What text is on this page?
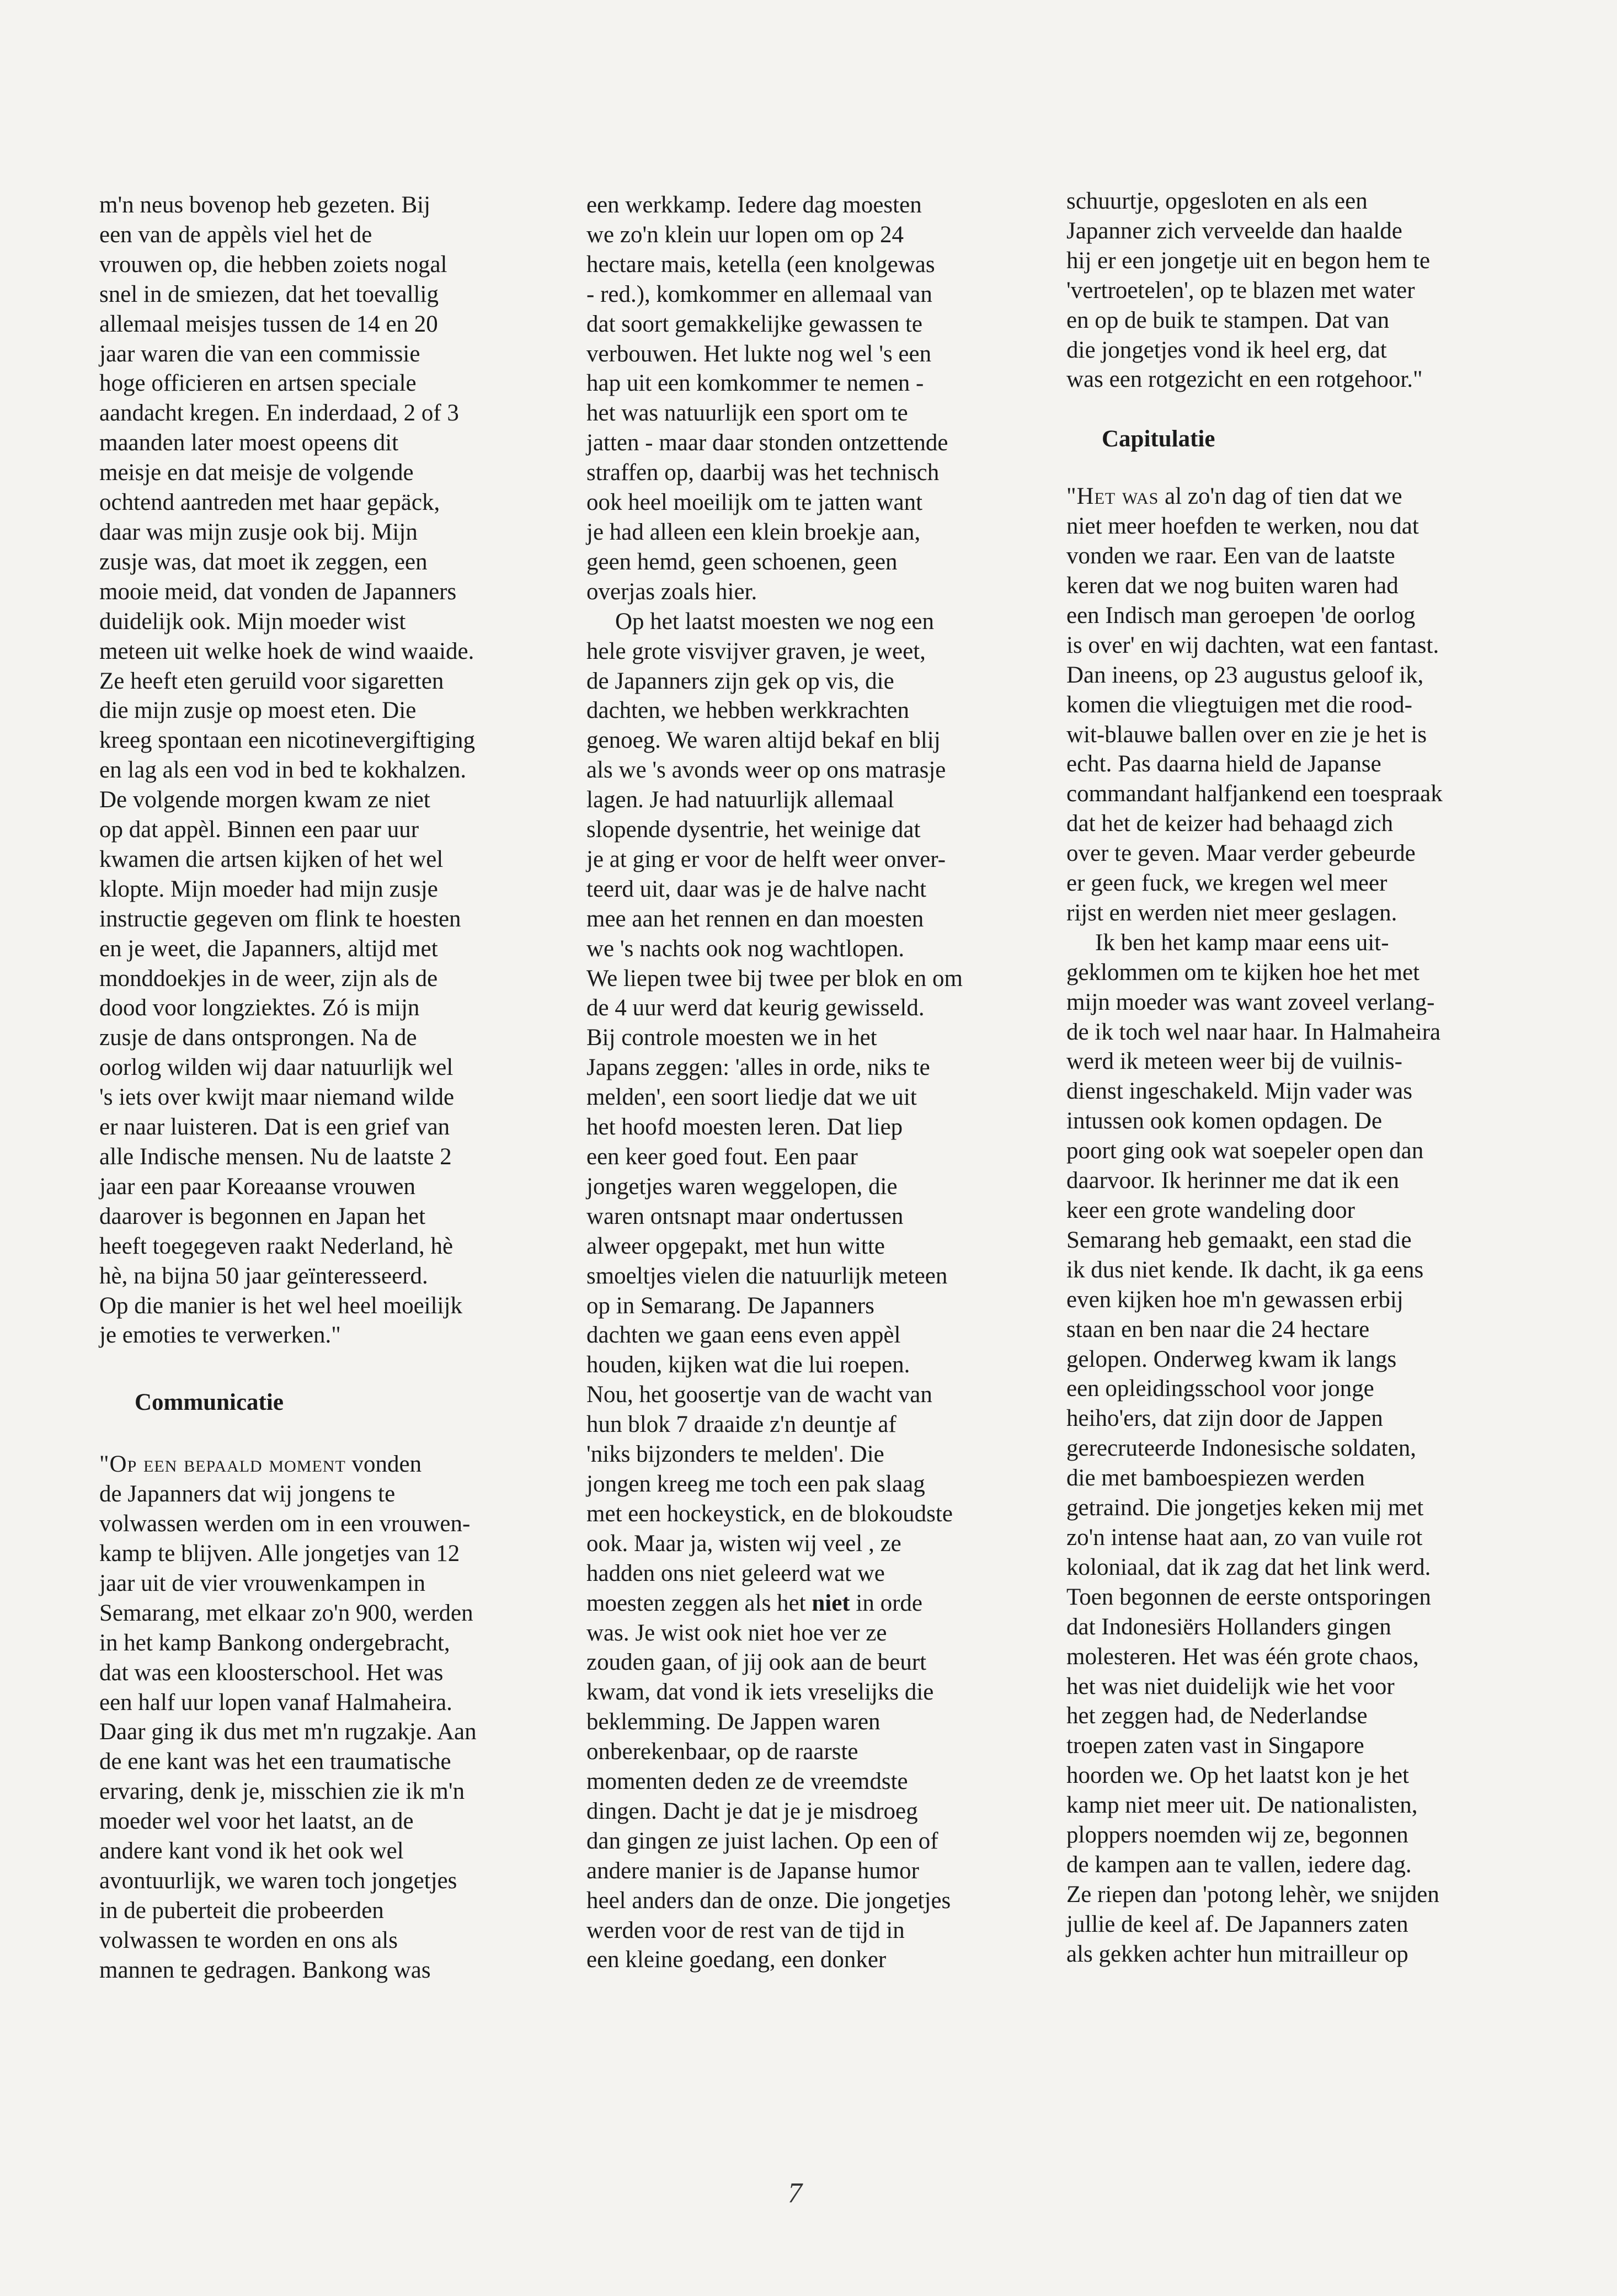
m'n neus bovenop heb gezeten. Bij
een van de appèls viel het de
vrouwen op, die hebben zoiets nogal
snel in de smiezen, dat het toevallig
allemaal meisjes tussen de 14 en 20
jaar waren die van een commissie
hoge officieren en artsen speciale
aandacht kregen. En inderdaad, 2 of 3
maanden later moest opeens dit
meisje en dat meisje de volgende
ochtend aantreden met haar gepäck,
daar was mijn zusje ook bij. Mijn
zusje was, dat moet ik zeggen, een
mooie meid, dat vonden de Japanners
duidelijk ook. Mijn moeder wist
meteen uit welke hoek de wind waaide.
Ze heeft eten geruild voor sigaretten
die mijn zusje op moest eten. Die
kreeg spontaan een nicotinevergiftiging
en lag als een vod in bed te kokhalzen.
De volgende morgen kwam ze niet
op dat appèl. Binnen een paar uur
kwamen die artsen kijken of het wel
klopte. Mijn moeder had mijn zusje
instructie gegeven om flink te hoesten
en je weet, die Japanners, altijd met
monddoekjes in de weer, zijn als de
dood voor longziektes. Zó is mijn
zusje de dans ontsprongen. Na de
oorlog wilden wij daar natuurlijk wel
's iets over kwijt maar niemand wilde
er naar luisteren. Dat is een grief van
alle Indische mensen. Nu de laatste 2
jaar een paar Koreaanse vrouwen
daarover is begonnen en Japan het
heeft toegegeven raakt Nederland, hè
hè, na bijna 50 jaar geïnteresseerd.
Op die manier is het wel heel moeilijk
je emoties te verwerken."

Communicatie

"Op een bepaald moment vonden
de Japanners dat wij jongens te
volwassen werden om in een vrouwen-
kamp te blijven. Alle jongetjes van 12
jaar uit de vier vrouwenkampen in
Semarang, met elkaar zo'n 900, werden
in het kamp Bankong ondergebracht,
dat was een kloosterschool. Het was
een half uur lopen vanaf Halmaheira.
Daar ging ik dus met m'n rugzakje. Aan
de ene kant was het een traumatische
ervaring, denk je, misschien zie ik m'n
moeder wel voor het laatst, an de
andere kant vond ik het ook wel
avontuurlijk, we waren toch jongetjes
in de puberteit die probeerden
volwassen te worden en ons als
mannen te gedragen. Bankong was

een werkkamp. Iedere dag moesten
we zo'n klein uur lopen om op 24
hectare mais, ketella (een knolgewas
- red.), komkommer en allemaal van
dat soort gemakkelijke gewassen te
verbouwen. Het lukte nog wel 's een
hap uit een komkommer te nemen -
het was natuurlijk een sport om te
jatten - maar daar stonden ontzettende
straffen op, daarbij was het technisch
ook heel moeilijk om te jatten want
je had alleen een klein broekje aan,
geen hemd, geen schoenen, geen
overjas zoals hier.

Op het laatst moesten we nog een
hele grote visvijver graven, je weet,
de Japanners zijn gek op vis, die
dachten, we hebben werkkrachten
genoeg. We waren altijd bekaf en blij
als we 's avonds weer op ons matrasje
lagen. Je had natuurlijk allemaal
slopende dysentrie, het weinige dat
je at ging er voor de helft weer onver-
teerd uit, daar was je de halve nacht
mee aan het rennen en dan moesten
we 's nachts ook nog wachtlopen.
We liepen twee bij twee per blok en om
de 4 uur werd dat keurig gewisseld.
Bij controle moesten we in het
Japans zeggen: 'alles in orde, niks te
melden', een soort liedje dat we uit
het hoofd moesten leren. Dat liep
een keer goed fout. Een paar
jongetjes waren weggelopen, die
waren ontsnapt maar ondertussen
alweer opgepakt, met hun witte
smoeltjes vielen die natuurlijk meteen
op in Semarang. De Japanners
dachten we gaan eens even appèl
houden, kijken wat die lui roepen.
Nou, het goosertje van de wacht van
hun blok 7 draaide z'n deuntje af
'niks bijzonders te melden'. Die
jongen kreeg me toch een pak slaag
met een hockeystick, en de blokoudste
ook. Maar ja, wisten wij veel , ze
hadden ons niet geleerd wat we
moesten zeggen als het niet in orde
was. Je wist ook niet hoe ver ze
zouden gaan, of jij ook aan de beurt
kwam, dat vond ik iets vreselijks die
beklemming. De Jappen waren
onberekenbaar, op de raarste
momenten deden ze de vreemdste
dingen. Dacht je dat je je misdroeg
dan gingen ze juist lachen. Op een of
andere manier is de Japanse humor
heel anders dan de onze. Die jongetjes
werden voor de rest van de tijd in
een kleine goedang, een donker

schuurtje, opgesloten en als een
Japanner zich verveelde dan haalde
hij er een jongetje uit en begon hem te
'vertroetelen', op te blazen met water
en op de buik te stampen. Dat van
die jongetjes vond ik heel erg, dat
was een rotgezicht en een rotgehoor."

Capitulatie

"Het was al zo'n dag of tien dat we
niet meer hoefden te werken, nou dat
vonden we raar. Een van de laatste
keren dat we nog buiten waren had
een Indisch man geroepen 'de oorlog
is over' en wij dachten, wat een fantast.
Dan ineens, op 23 augustus geloof ik,
komen die vliegtuigen met die rood-
wit-blauwe ballen over en zie je het is
echt. Pas daarna hield de Japanse
commandant halfjankend een toespraak
dat het de keizer had behaagd zich
over te geven. Maar verder gebeurde
er geen fuck, we kregen wel meer
rijst en werden niet meer geslagen.

Ik ben het kamp maar eens uit-
geklommen om te kijken hoe het met
mijn moeder was want zoveel verlang-
de ik toch wel naar haar. In Halmaheira
werd ik meteen weer bij de vuilnis-
dienst ingeschakeld. Mijn vader was
intussen ook komen opdagen. De
poort ging ook wat soepeler open dan
daarvoor. Ik herinner me dat ik een
keer een grote wandeling door
Semarang heb gemaakt, een stad die
ik dus niet kende. Ik dacht, ik ga eens
even kijken hoe m'n gewassen erbij
staan en ben naar die 24 hectare
gelopen. Onderweg kwam ik langs
een opleidingsschool voor jonge
heiho'ers, dat zijn door de Jappen
gerecruteerde Indonesische soldaten,
die met bamboespiezen werden
getraind. Die jongetjes keken mij met
zo'n intense haat aan, zo van vuile rot
koloniaal, dat ik zag dat het link werd.
Toen begonnen de eerste ontsporingen
dat Indonesiërs Hollanders gingen
molesteren. Het was één grote chaos,
het was niet duidelijk wie het voor
het zeggen had, de Nederlandse
troepen zaten vast in Singapore
hoorden we. Op het laatst kon je het
kamp niet meer uit. De nationalisten,
ploppers noemden wij ze, begonnen
de kampen aan te vallen, iedere dag.
Ze riepen dan 'potong lehèr, we snijden
jullie de keel af. De Japanners zaten
als gekken achter hun mitrailleur op

7
